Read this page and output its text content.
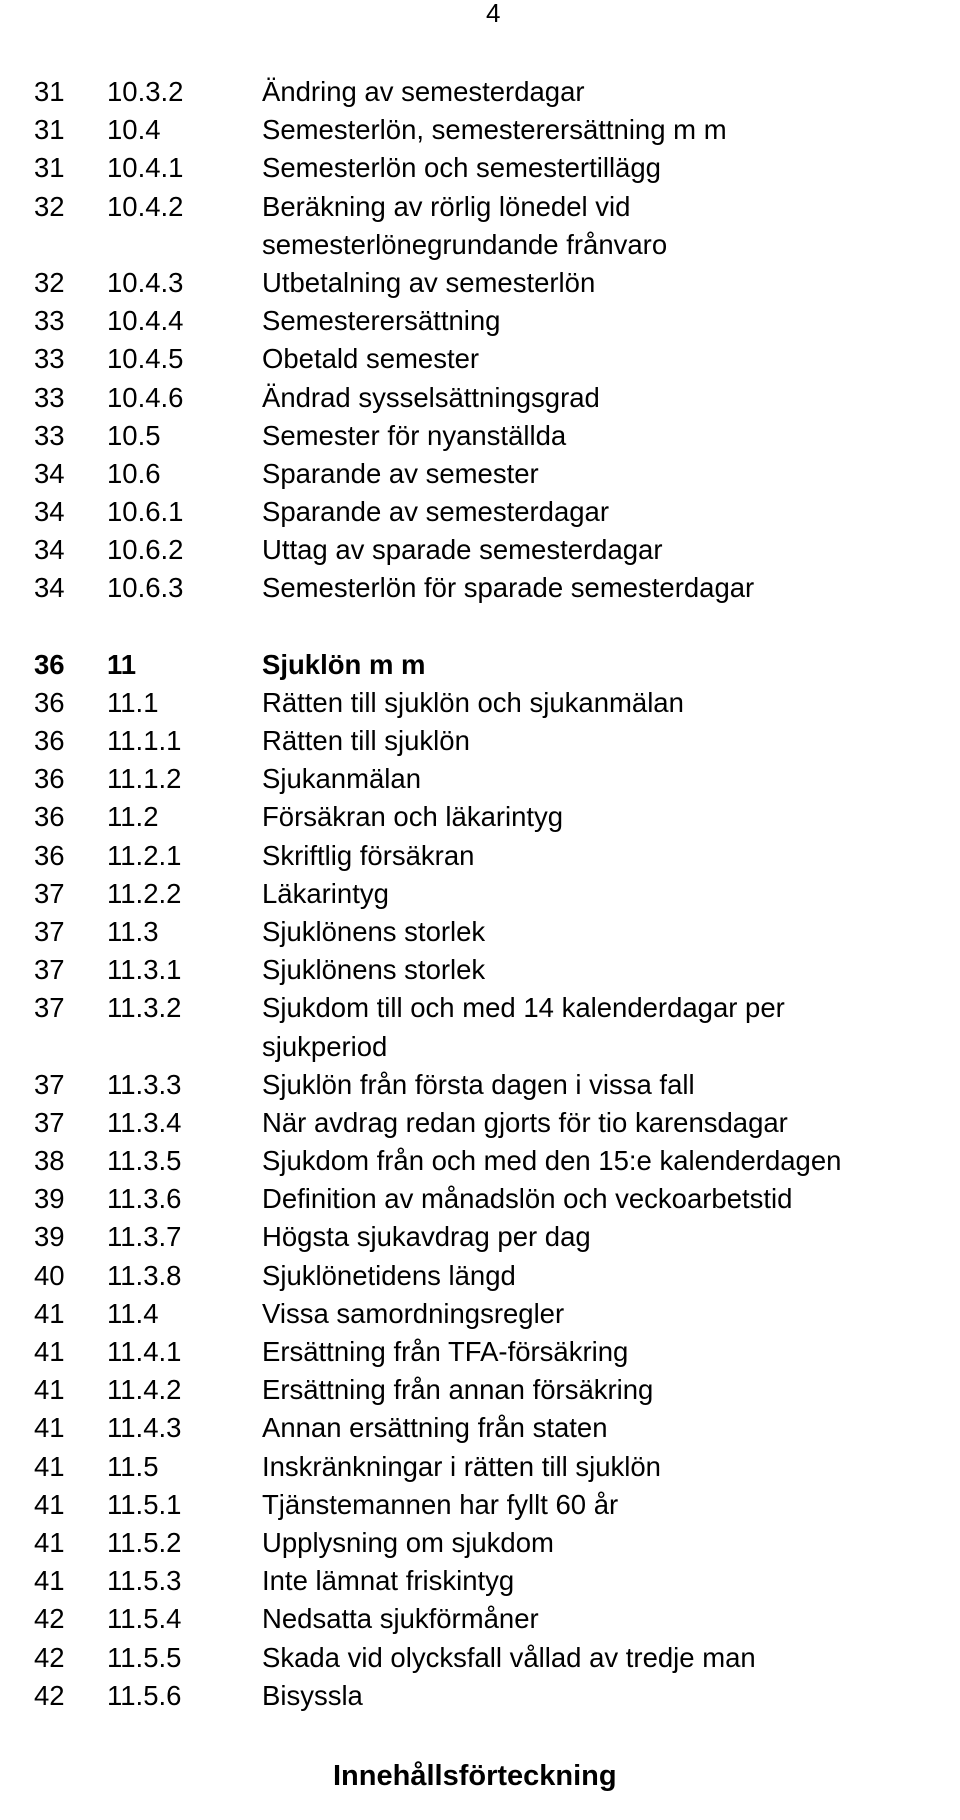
4
31 10.3.2	Ändring av semesterdagar
31 10.4	Semesterlön, semesterersättning m m
31 10.4.1	Semesterlön och semestertillägg
32 10.4.2	Beräkning av rörlig lönedel vid
semesterlönegrundande frånvaro
32 10.4.3	Utbetalning av semesterlön
33 10.4.4	Semesterersättning
33 10.4.5	Obetald semester
33 10.4.6	Ändrad sysselsättningsgrad
33 10.5	Semester för nyanställda
34 10.6	Sparande av semester
34 10.6.1	Sparande av semesterdagar
34 10.6.2	Uttag av sparade semesterdagar
34 10.6.3	Semesterlön för sparade semesterdagar
36 11	Sjuklön m m
36 11.1	Rätten till sjuklön och sjukanmälan
36 11.1.1	Rätten till sjuklön
36 11.1.2	Sjukanmälan
36 11.2	Försäkran och läkarintyg
36 11.2.1	Skriftlig försäkran
37 11.2.2	Läkarintyg
37 11.3	Sjuklönens storlek
37 11.3.1	Sjuklönens storlek
37 11.3.2	Sjukdom till och med 14 kalenderdagar per
sjukperiod
37 11.3.3	Sjuklön från första dagen i vissa fall
37 11.3.4	När avdrag redan gjorts för tio karensdagar
38 11.3.5	Sjukdom från och med den 15:e kalenderdagen
39 11.3.6	Definition av månadslön och veckoarbetstid
39 11.3.7	Högsta sjukavdrag per dag
40 11.3.8	Sjuklönetidens längd
41 11.4	Vissa samordningsregler
41 11.4.1	Ersättning från TFA-försäkring
41 11.4.2	Ersättning från annan försäkring
41 11.4.3	Annan ersättning från staten
41 11.5	Inskränkningar i rätten till sjuklön
41 11.5.1	Tjänstemannen har fyllt 60 år
41 11.5.2	Upplysning om sjukdom
41 11.5.3	Inte lämnat friskintyg
42 11.5.4	Nedsatta sjukförmåner
42 11.5.5	Skada vid olycksfall vållad av tredje man
42 11.5.6	Bisyssla
Innehållsförteckning
